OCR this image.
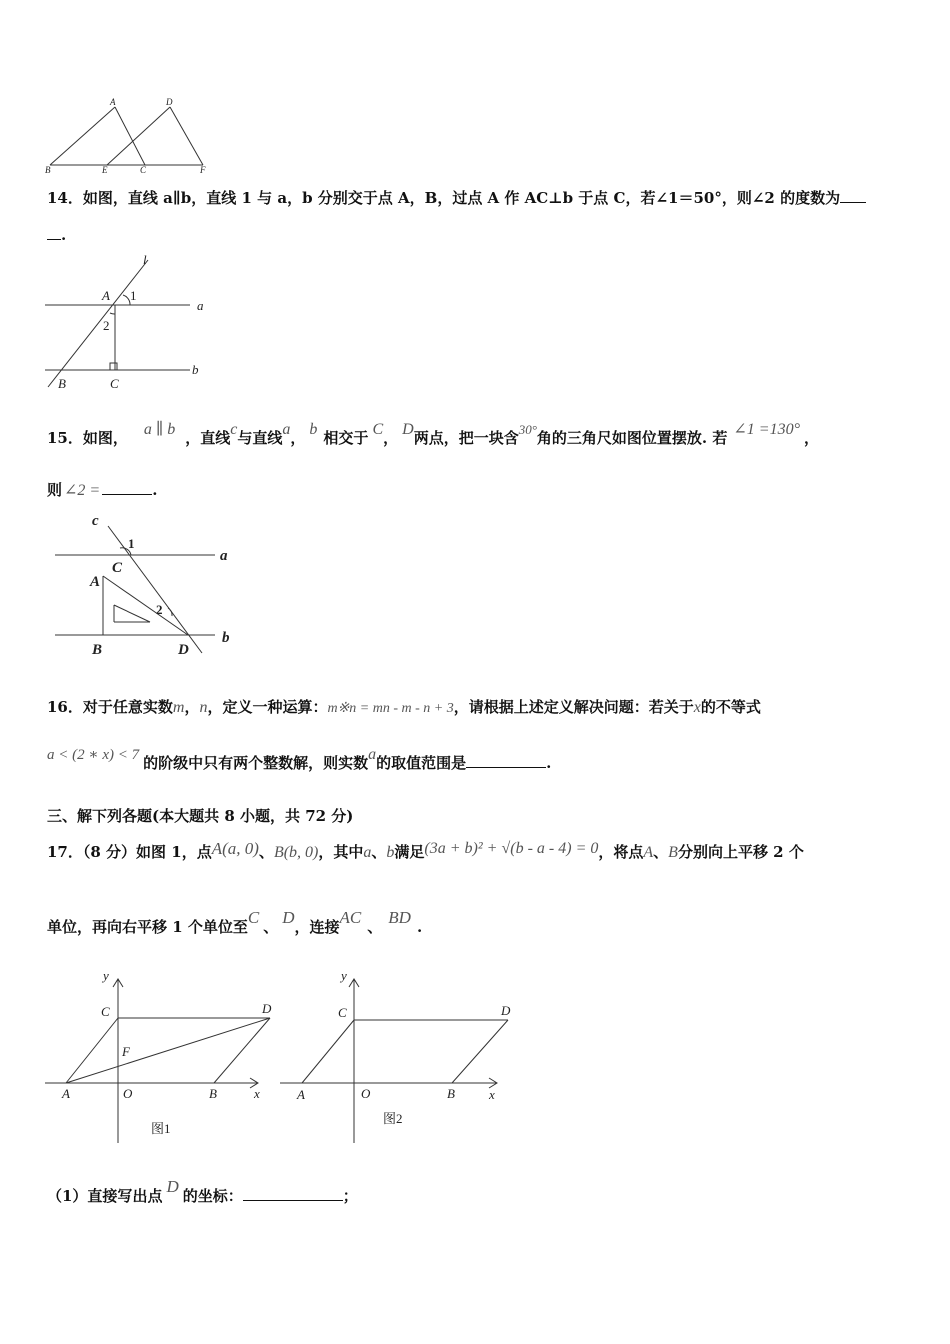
A	D
B	E	C	F
14．如图，直线 a∥b，直线 1 与 a，b 分别交于点 A，B，过点 A 作 AC⊥b 于点 C，若∠1＝50°，则∠2 的度数为
.
l
A 1
a
2
b
B	C
15．如图， a ∥ b ，直线c与直线a， b 相交于 C， D两点，把一块含30°角的三角尺如图位置摆放. 若 ∠1 =130° ，
则 ∠2 =	.
c
1
C
a
A
2
B	D
b
16．对于任意实数m，n，定义一种运算：m※n = mn - m - n + 3，请根据上述定义解决问题：若关于x的不等式
a < (2 ∗ x) < 7 的阶级中只有两个整数解，则实数a的取值范围是	.
三、解下列各题(本大题共 8 小题，共 72 分)
17．（8 分）如图 1，点A(a, 0)、B(b, 0)，其中a、b满足(3a + b)² + √(b - a - 4) = 0，将点A、B分别向上平移 2 个
单位，再向右平移 1 个单位至C 、 D，连接AC 、 BD .
y
C	D
F
A	O	B	x
图1
y
C	D
A	O	B	x
图2
（1）直接写出点 D 的坐标：	；
